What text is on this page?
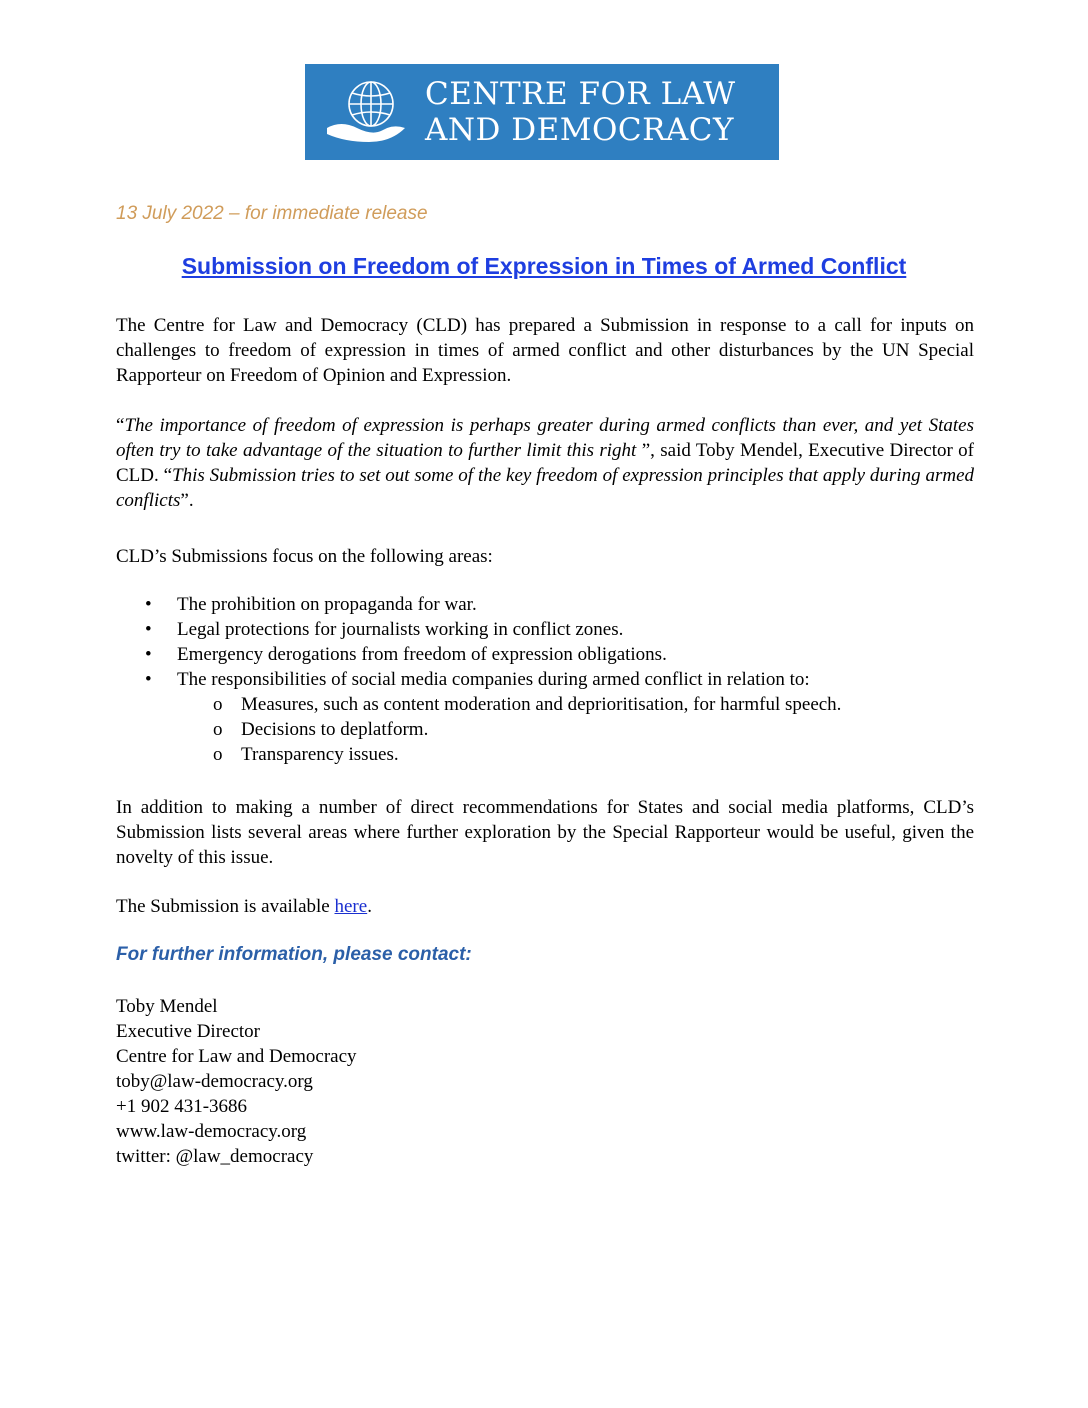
CENTRE FOR LAW
AND DEMOCRACY
13 July 2022 – for immediate release
Submission on Freedom of Expression in Times of Armed Conflict
The Centre for Law and Democracy (CLD) has prepared a Submission in response to a call for inputs on challenges to freedom of expression in times of armed conflict and other disturbances by the UN Special Rapporteur on Freedom of Opinion and Expression.
“The importance of freedom of expression is perhaps greater during armed conflicts than ever, and yet States often try to take advantage of the situation to further limit this right ”, said Toby Mendel, Executive Director of CLD. “This Submission tries to set out some of the key freedom of expression principles that apply during armed conflicts”.
CLD’s Submissions focus on the following areas:
• The prohibition on propaganda for war.
• Legal protections for journalists working in conflict zones.
• Emergency derogations from freedom of expression obligations.
• The responsibilities of social media companies during armed conflict in relation to:
o Measures, such as content moderation and deprioritisation, for harmful speech.
o Decisions to deplatform.
o Transparency issues.
In addition to making a number of direct recommendations for States and social media platforms, CLD’s Submission lists several areas where further exploration by the Special Rapporteur would be useful, given the novelty of this issue.
The Submission is available here.
For further information, please contact:
Toby Mendel
Executive Director
Centre for Law and Democracy
toby@law-democracy.org
+1 902 431-3686
www.law-democracy.org
twitter: @law_democracy
